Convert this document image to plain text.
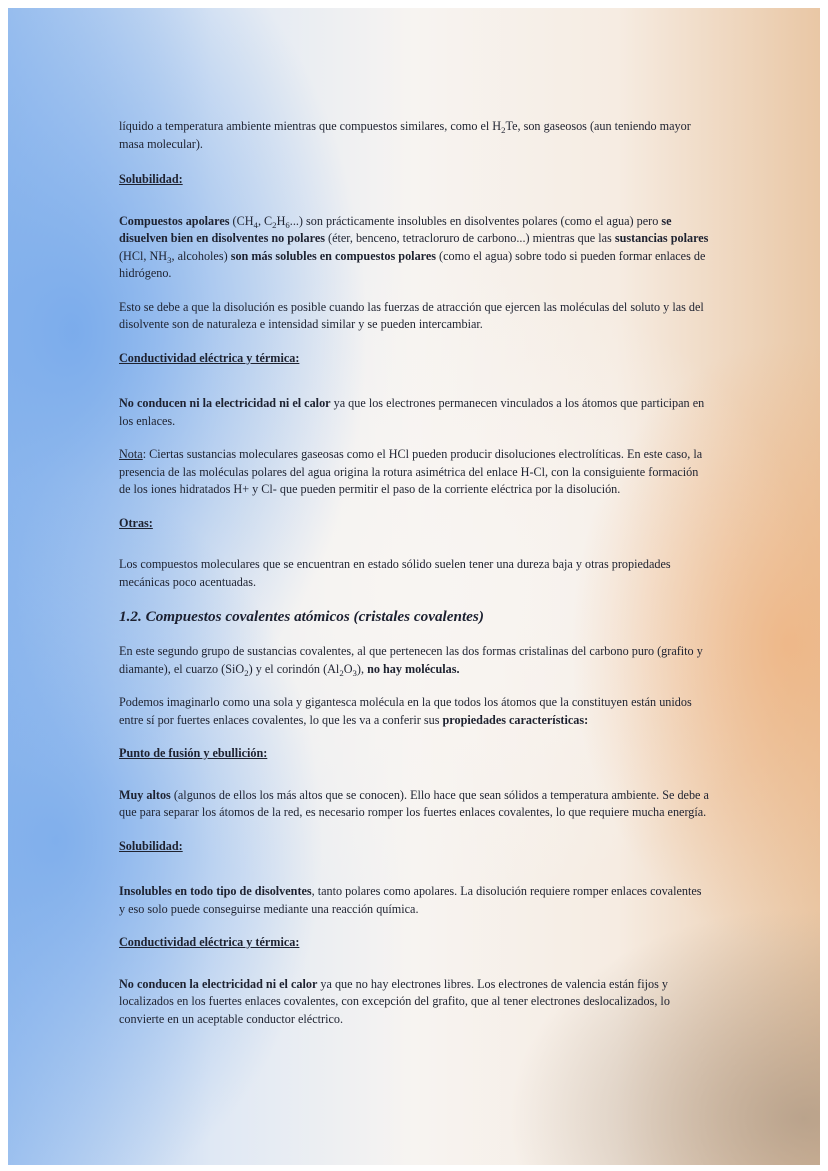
líquido a temperatura ambiente mientras que compuestos similares, como el $H_2Te$, son gaseosos (aun teniendo mayor masa molecular).

Solubilidad:

Compuestos apolares ($CH_4$, $C_2H_6$...) son prácticamente insolubles en disolventes polares (como el agua) pero se disuelven bien en disolventes no polares (éter, benceno, tetracloruro de carbono...) mientras que las sustancias polares (HCl, $NH_3$, alcoholes) son más solubles en compuestos polares (como el agua) sobre todo si pueden formar enlaces de hidrógeno.

Esto se debe a que la disolución es posible cuando las fuerzas de atracción que ejercen las moléculas del soluto y las del disolvente son de naturaleza e intensidad similar y se pueden intercambiar.

Conductividad eléctrica y térmica:

No conducen ni la electricidad ni el calor ya que los electrones permanecen vinculados a los átomos que participan en los enlaces.

Nota: Ciertas sustancias moleculares gaseosas como el HCl pueden producir disoluciones electrolíticas. En este caso, la presencia de las moléculas polares del agua origina la rotura asimétrica del enlace H-Cl, con la consiguiente formación de los iones hidratados H+ y Cl- que pueden permitir el paso de la corriente eléctrica por la disolución.

Otras:

Los compuestos moleculares que se encuentran en estado sólido suelen tener una dureza baja y otras propiedades mecánicas poco acentuadas.

1.2. Compuestos covalentes atómicos (cristales covalentes)

En este segundo grupo de sustancias covalentes, al que pertenecen las dos formas cristalinas del carbono puro (grafito y diamante), el cuarzo (SiO$_2$) y el corindón $(Al_2O_3)$, no hay moléculas.

Podemos imaginarlo como una sola y gigantesca molécula en la que todos los átomos que la constituyen están unidos entre sí por fuertes enlaces covalentes, lo que les va a conferir sus propiedades características:

Punto de fusión y ebullición:

Muy altos (algunos de ellos los más altos que se conocen). Ello hace que sean sólidos a temperatura ambiente. Se debe a que para separar los átomos de la red, es necesario romper los fuertes enlaces covalentes, lo que requiere mucha energía.

Solubilidad:

Insolubles en todo tipo de disolventes, tanto polares como apolares. La disolución requiere romper enlaces covalentes y eso solo puede conseguirse mediante una reacción química.

Conductividad eléctrica y térmica:

No conducen la electricidad ni el calor ya que no hay electrones libres. Los electrones de valencia están fijos y localizados en los fuertes enlaces covalentes, con excepción del grafito, que al tener electrones deslocalizados, lo convierte en un aceptable conductor eléctrico.
